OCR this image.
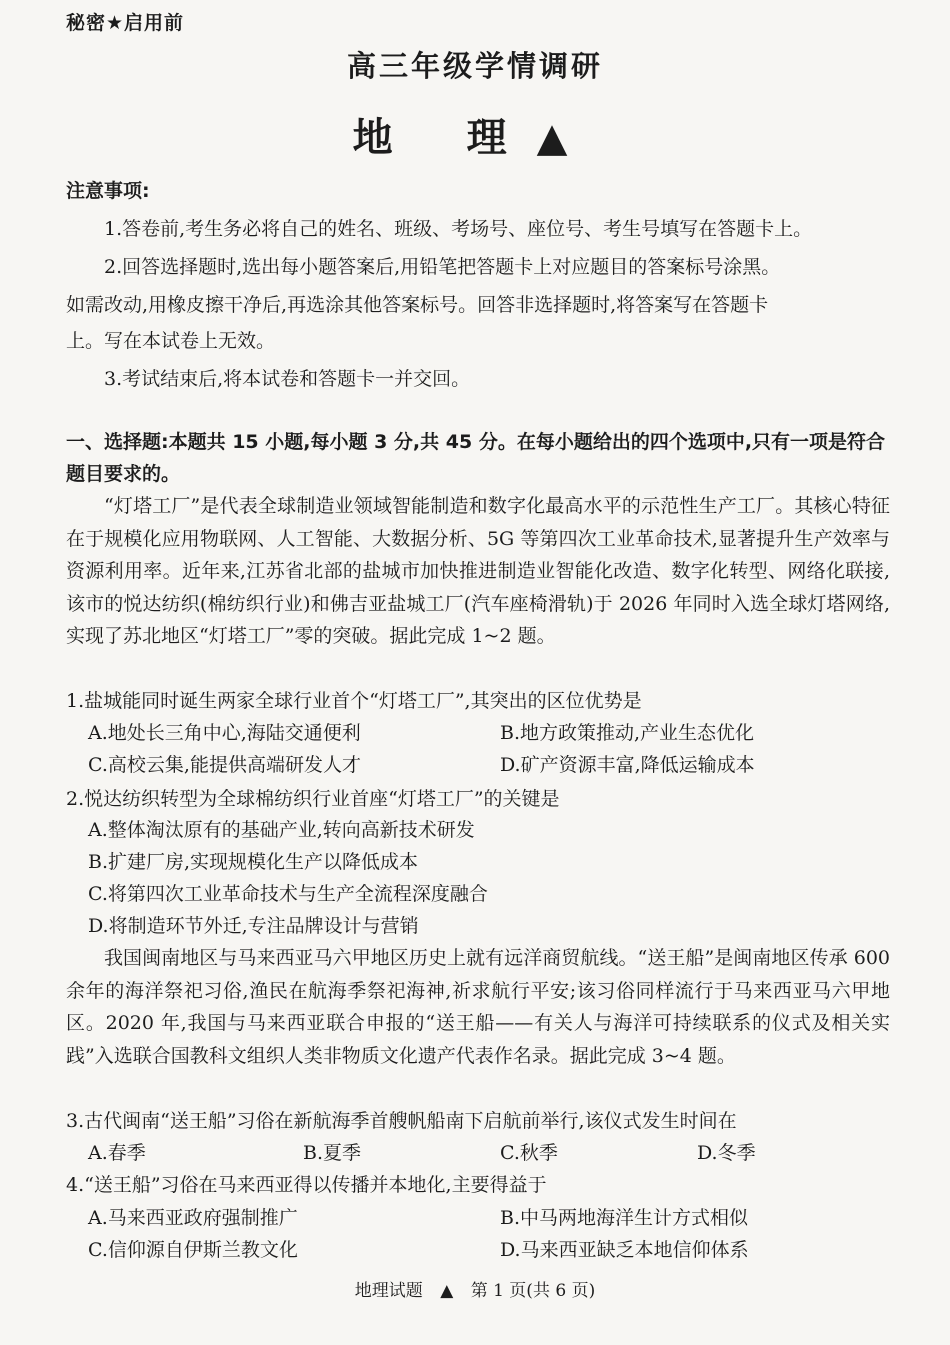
秘密★启用前
高三年级学情调研
地 理▲
注意事项:
1.答卷前,考生务必将自己的姓名、班级、考场号、座位号、考生号填写在答题卡上。
2.回答选择题时,选出每小题答案后,用铅笔把答题卡上对应题目的答案标号涂黑。
如需改动,用橡皮擦干净后,再选涂其他答案标号。回答非选择题时,将答案写在答题卡
上。写在本试卷上无效。
3.考试结束后,将本试卷和答题卡一并交回。
一、选择题:本题共 15 小题,每小题 3 分,共 45 分。在每小题给出的四个选项中,只有一项是符合题目要求的。
“灯塔工厂”是代表全球制造业领域智能制造和数字化最高水平的示范性生产工厂。其核心特征在于规模化应用物联网、人工智能、大数据分析、5G 等第四次工业革命技术,显著提升生产效率与资源利用率。近年来,江苏省北部的盐城市加快推进制造业智能化改造、数字化转型、网络化联接,该市的悦达纺织(棉纺织行业)和佛吉亚盐城工厂(汽车座椅滑轨)于 2026 年同时入选全球灯塔网络,实现了苏北地区“灯塔工厂”零的突破。据此完成 1~2 题。
1.盐城能同时诞生两家全球行业首个“灯塔工厂”,其突出的区位优势是
A.地处长三角中心,海陆交通便利	B.地方政策推动,产业生态优化
C.高校云集,能提供高端研发人才	D.矿产资源丰富,降低运输成本
2.悦达纺织转型为全球棉纺织行业首座“灯塔工厂”的关键是
A.整体淘汰原有的基础产业,转向高新技术研发
B.扩建厂房,实现规模化生产以降低成本
C.将第四次工业革命技术与生产全流程深度融合
D.将制造环节外迁,专注品牌设计与营销
我国闽南地区与马来西亚马六甲地区历史上就有远洋商贸航线。“送王船”是闽南地区传承 600 余年的海洋祭祀习俗,渔民在航海季祭祀海神,祈求航行平安;该习俗同样流行于马来西亚马六甲地区。2020 年,我国与马来西亚联合申报的“送王船——有关人与海洋可持续联系的仪式及相关实践”入选联合国教科文组织人类非物质文化遗产代表作名录。据此完成 3~4 题。
3.古代闽南“送王船”习俗在新航海季首艘帆船南下启航前举行,该仪式发生时间在
A.春季	B.夏季	C.秋季	D.冬季
4.“送王船”习俗在马来西亚得以传播并本地化,主要得益于
A.马来西亚政府强制推广	B.中马两地海洋生计方式相似
C.信仰源自伊斯兰教文化	D.马来西亚缺乏本地信仰体系
地理试题 ▲ 第 1 页(共 6 页)
